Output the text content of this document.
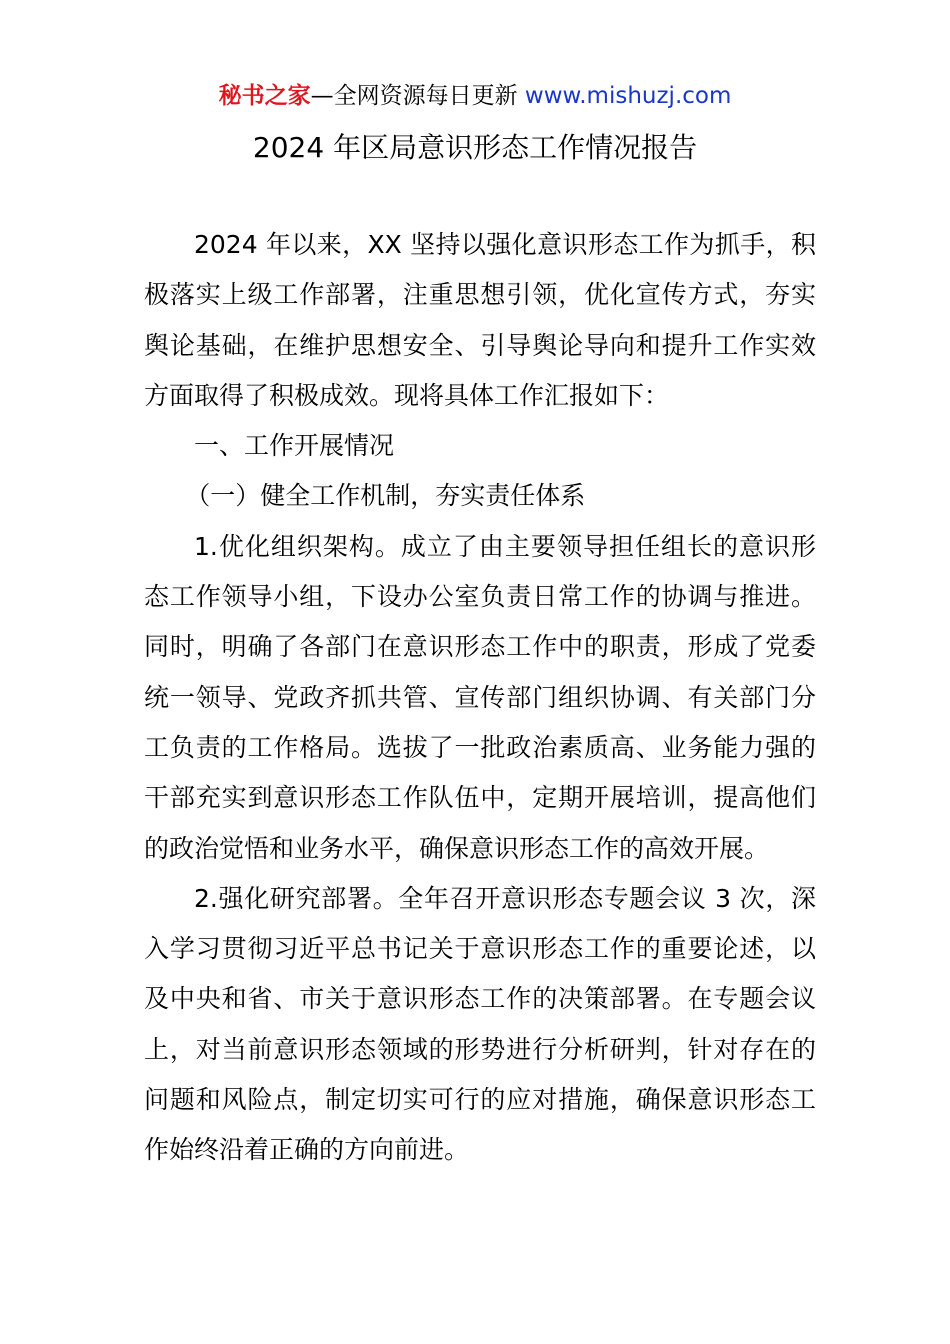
秘书之家—全网资源每日更新 www.mishuzj.com
2024 年区局意识形态工作情况报告

2024 年以来，XX 坚持以强化意识形态工作为抓手，积极落实上级工作部署，注重思想引领，优化宣传方式，夯实舆论基础，在维护思想安全、引导舆论导向和提升工作实效方面取得了积极成效。现将具体工作汇报如下：

一、工作开展情况

（一）健全工作机制，夯实责任体系

1.优化组织架构。成立了由主要领导担任组长的意识形态工作领导小组，下设办公室负责日常工作的协调与推进。同时，明确了各部门在意识形态工作中的职责，形成了党委统一领导、党政齐抓共管、宣传部门组织协调、有关部门分工负责的工作格局。选拔了一批政治素质高、业务能力强的干部充实到意识形态工作队伍中，定期开展培训，提高他们的政治觉悟和业务水平，确保意识形态工作的高效开展。

2.强化研究部署。全年召开意识形态专题会议 3 次，深入学习贯彻习近平总书记关于意识形态工作的重要论述，以及中央和省、市关于意识形态工作的决策部署。在专题会议上，对当前意识形态领域的形势进行分析研判，针对存在的问题和风险点，制定切实可行的应对措施，确保意识形态工作始终沿着正确的方向前进。
